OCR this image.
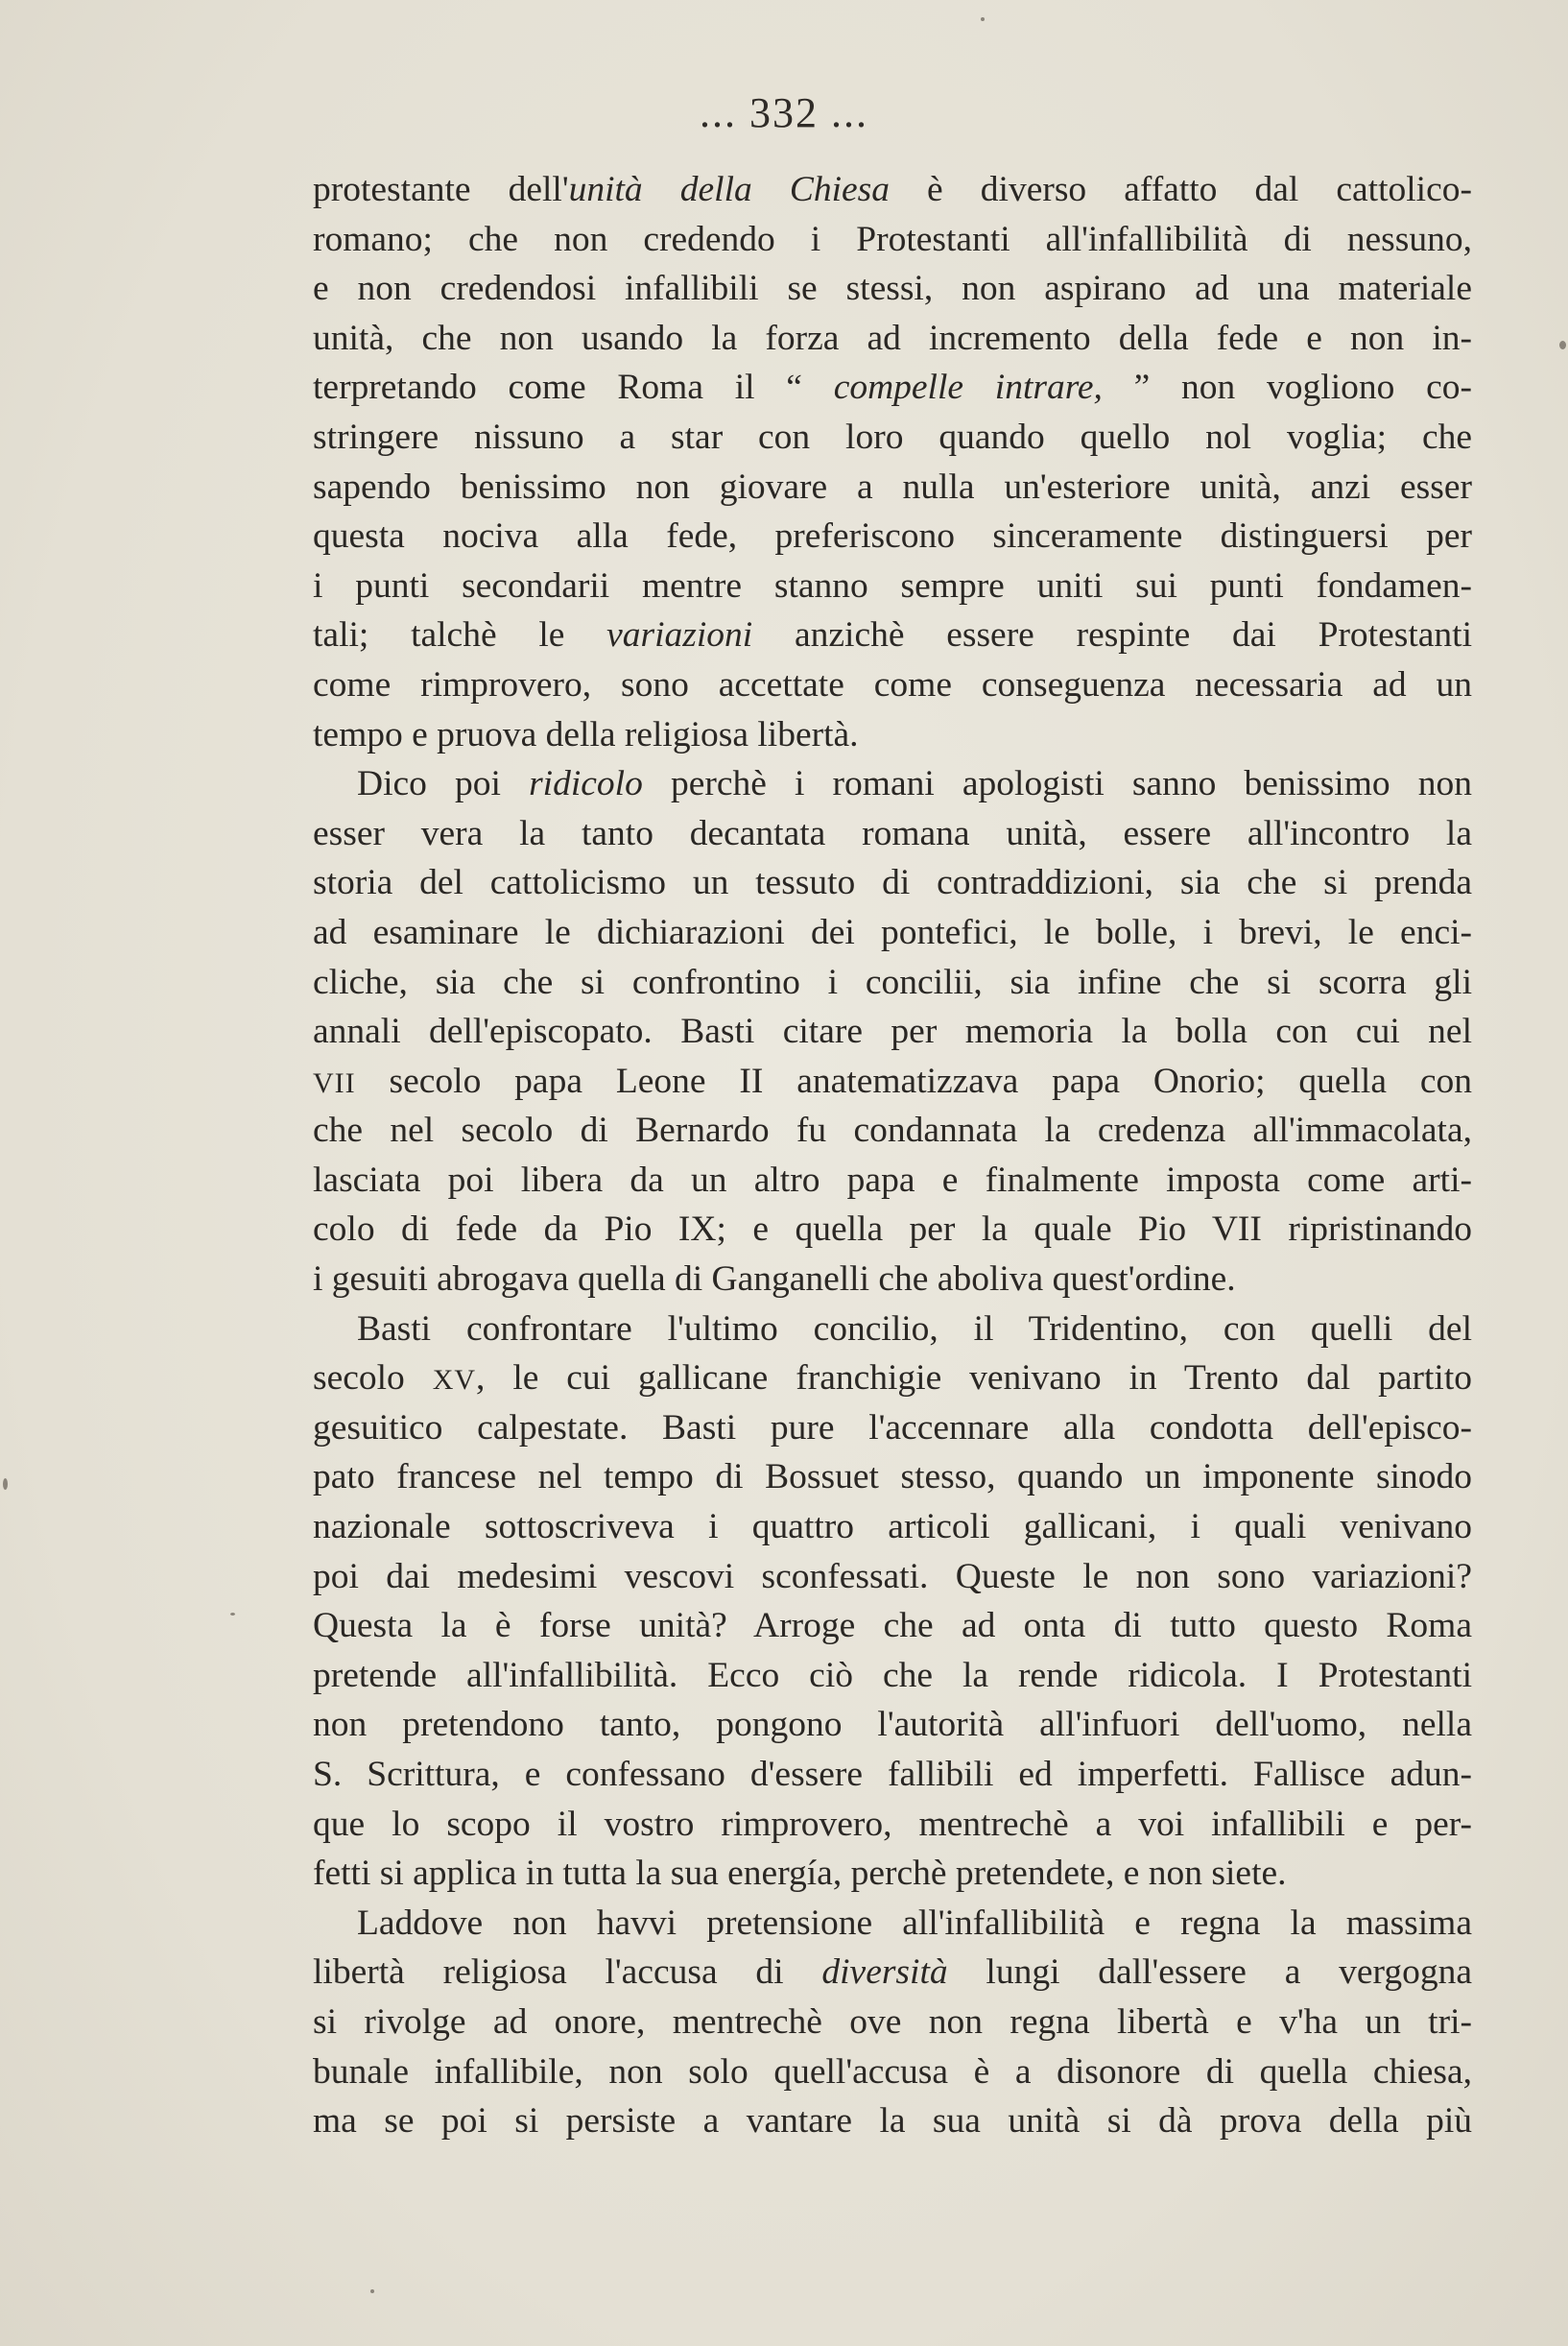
... 332 ...
protestante dell'unità della Chiesa è diverso affatto dal cattolico-
romano; che non credendo i Protestanti all'infallibilità di nessuno,
e non credendosi infallibili se stessi, non aspirano ad una materiale
unità, che non usando la forza ad incremento della fede e non in-
terpretando come Roma il “ compelle intrare, ” non vogliono co-
stringere nissuno a star con loro quando quello nol voglia; che
sapendo benissimo non giovare a nulla un'esteriore unità, anzi esser
questa nociva alla fede, preferiscono sinceramente distinguersi per
i punti secondarii mentre stanno sempre uniti sui punti fondamen-
tali; talchè le variazioni anzichè essere respinte dai Protestanti
come rimprovero, sono accettate come conseguenza necessaria ad un
tempo e pruova della religiosa libertà.
Dico poi ridicolo perchè i romani apologisti sanno benissimo non
esser vera la tanto decantata romana unità, essere all'incontro la
storia del cattolicismo un tessuto di contraddizioni, sia che si prenda
ad esaminare le dichiarazioni dei pontefici, le bolle, i brevi, le enci-
cliche, sia che si confrontino i concilii, sia infine che si scorra gli
annali dell'episcopato. Basti citare per memoria la bolla con cui nel
VII secolo papa Leone II anatematizzava papa Onorio; quella con
che nel secolo di Bernardo fu condannata la credenza all'immacolata,
lasciata poi libera da un altro papa e finalmente imposta come arti-
colo di fede da Pio IX; e quella per la quale Pio VII ripristinando
i gesuiti abrogava quella di Ganganelli che aboliva quest'ordine.
Basti confrontare l'ultimo concilio, il Tridentino, con quelli del
secolo XV, le cui gallicane franchigie venivano in Trento dal partito
gesuitico calpestate. Basti pure l'accennare alla condotta dell'episco-
pato francese nel tempo di Bossuet stesso, quando un imponente sinodo
nazionale sottoscriveva i quattro articoli gallicani, i quali venivano
poi dai medesimi vescovi sconfessati. Queste le non sono variazioni?
Questa la è forse unità? Arroge che ad onta di tutto questo Roma
pretende all'infallibilità. Ecco ciò che la rende ridicola. I Protestanti
non pretendono tanto, pongono l'autorità all'infuori dell'uomo, nella
S. Scrittura, e confessano d'essere fallibili ed imperfetti. Fallisce adun-
que lo scopo il vostro rimprovero, mentrechè a voi infallibili e per-
fetti si applica in tutta la sua energía, perchè pretendete, e non siete.
Laddove non havvi pretensione all'infallibilità e regna la massima
libertà religiosa l'accusa di diversità lungi dall'essere a vergogna
si rivolge ad onore, mentrechè ove non regna libertà e v'ha un tri-
bunale infallibile, non solo quell'accusa è a disonore di quella chiesa,
ma se poi si persiste a vantare la sua unità si dà prova della più
